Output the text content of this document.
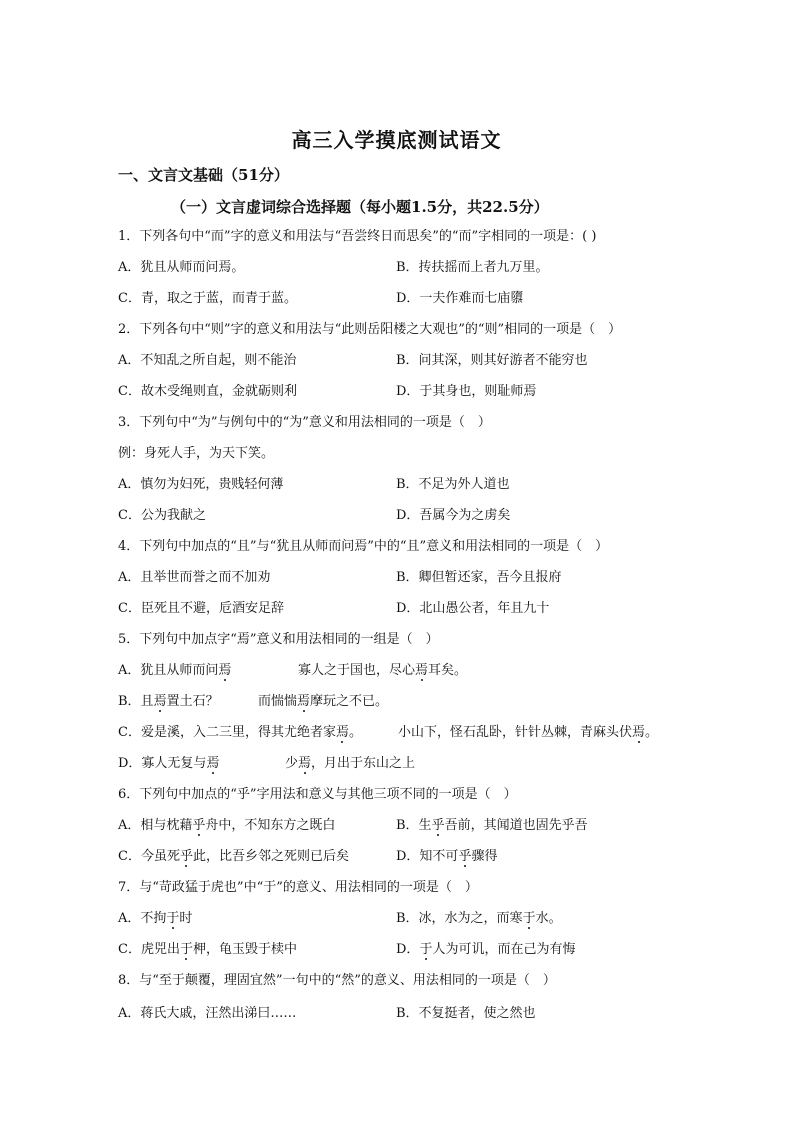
高三入学摸底测试语文
一、文言文基础（51分）
（一）文言虚词综合选择题（每小题1.5分，共22.5分）
1．下列各句中“而”字的意义和用法与“吾尝终日而思矣”的“而”字相同的一项是：( )
A．犹且从师而问焉。	B．抟扶摇而上者九万里。
C．青，取之于蓝，而青于蓝。	D．一夫作难而七庙隳
2．下列各句中“则”字的意义和用法与“此则岳阳楼之大观也”的“则”相同的一项是（　）
A．不知乱之所自起，则不能治	B．问其深，则其好游者不能穷也
C．故木受绳则直，金就砺则利	D．于其身也，则耻师焉
3．下列句中“为”与例句中的“为”意义和用法相同的一项是（　）
例：身死人手，为天下笑。
A．慎勿为妇死，贵贱轻何薄	B．不足为外人道也
C．公为我献之	D．吾属今为之虏矣
4．下列句中加点的“且”与“犹且从师而问焉”中的“且”意义和用法相同的一项是（　）
A．且举世而誉之而不加劝	B．卿但暂还家，吾今且报府
C．臣死且不避，卮酒安足辞	D．北山愚公者，年且九十
5．下列句中加点字“焉”意义和用法相同的一组是（　）
A．犹且从师而问焉	寡人之于国也，尽心焉耳矣。
B．且焉置土石？	而惴惴焉摩玩之不已。
C．爱是溪，入二三里，得其尤绝者家焉。	小山下，怪石乱卧，针针丛棘，青麻头伏焉。
D．寡人无复与焉	少焉，月出于东山之上
6．下列句中加点的“乎”字用法和意义与其他三项不同的一项是（　）
A．相与枕藉乎舟中，不知东方之既白	B．生乎吾前，其闻道也固先乎吾
C．今虽死乎此，比吾乡邻之死则已后矣	D．知不可乎骤得
7．与“苛政猛于虎也”中“于”的意义、用法相同的一项是（　）
A．不拘于时	B．冰，水为之，而寒于水。
C．虎兕出于柙，龟玉毁于椟中	D．于人为可讥，而在己为有悔
8．与“至于颠覆，理固宜然”一句中的“然”的意义、用法相同的一项是（　）
A．蒋氏大戚，汪然出涕曰……	B．不复挺者，使之然也
